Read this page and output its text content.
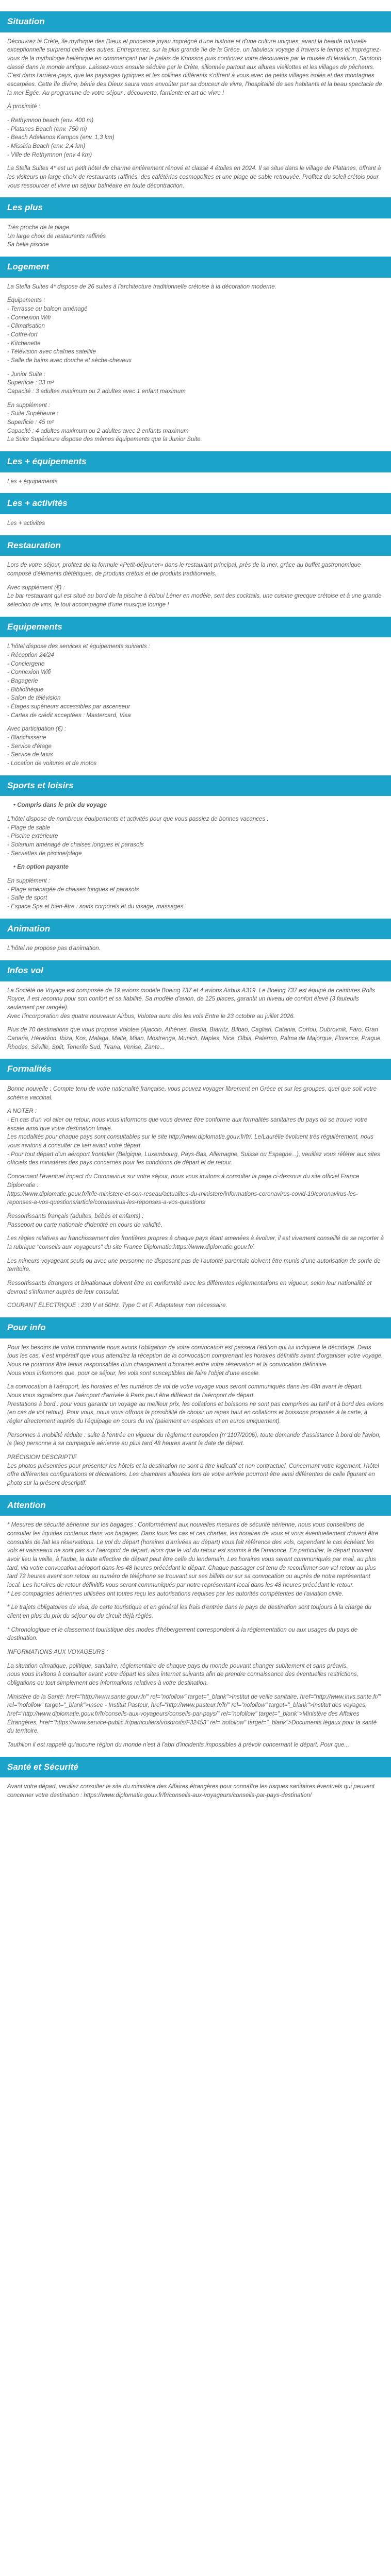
Situation

Découvrez la Crète, île mythique des Dieux et princesse joyau imprégné d'une histoire et d'une culture uniques, avant la beauté naturelle exceptionnelle surprend celle des autres. Entreprenez, sur la plus grande île de la Grèce, un fabuleux voyage à travers le temps et imprégnez-vous de la mythologie hellénique en commençant par le palais de Knossos puis continuez votre découverte par le musée d'Héraklion, Santorin classé dans le monde antique. Laissez-vous ensuite séduire par le Crète, sillonnée partout aux allures vieillottes et les villages de pêcheurs. C'est dans l'arrière-pays, que les paysages typiques et les collines différents s'offrent à vous avec de petits villages isolés et des montagnes escarpées. Cette île divine, bénie des Dieux saura vous envoûter par sa douceur de vivre, l'hospitalité de ses habitants et la beau spectacle de la mer Égée. Au programme de votre séjour : découverte, farniente et art de vivre !

À proximité :

- Rethymnon beach (env. 400 m)
- Platanes Beach (env. 750 m)
- Beach Adelianos Kampos (env. 1,3 km)
- Missiria Beach (env. 2,4 km)
- Ville de Rethymnon (env 4 km)

La Stella Suites 4* est un petit hôtel de charme entièrement rénové et classé 4 étoiles en 2024. Il se situe dans le village de Platanes, offrant à les visiteurs un large choix de restaurants raffinés, des cafétérias cosmopolites et une plage de sable retrouvée. Profitez du soleil crétois pour vous ressourcer et vivre un séjour balnéaire en toute décontraction.

Les plus

Très proche de la plage
Un large choix de restaurants raffinés
Sa belle piscine

Logement

La Stella Suites 4* dispose de 26 suites à l'architecture traditionnelle crétoise à la décoration moderne.

Équipements :
- Terrasse ou balcon aménagé
- Connexion Wifi
- Climatisation
- Coffre-fort
- Kitchenette
- Télévision avec chaînes satellite
- Salle de bains avec douche et sèche-cheveux

- Junior Suite :
Superficie : 33 m²
Capacité : 3 adultes maximum ou 2 adultes avec 1 enfant maximum

En supplément :
- Suite Supérieure :
Superficie : 45 m²
Capacité : 4 adultes maximum ou 2 adultes avec 2 enfants maximum
La Suite Supérieure dispose des mêmes équipements que la Junior Suite.

Les + équipements

Les + équipements

Les + activités

Les + activités

Restauration

Lors de votre séjour, profitez de la formule «Petit-déjeuner» dans le restaurant principal, près de la mer, grâce au buffet gastronomique composé d'éléments diététiques, de produits crétois et de produits traditionnels.

Avec supplément (€) :
Le bar restaurant qui est situé au bord de la piscine à ébloui Léner en modèle, sert des cocktails, une cuisine grecque crétoise et à une grande sélection de vins, le tout accompagné d'une musique lounge !

Equipements

L'hôtel dispose des services et équipements suivants :
- Réception 24/24
- Conciergerie
- Connexion Wifi
- Bagagerie
- Bibliothèque
- Salon de télévision
- Étages supérieurs accessibles par ascenseur
- Cartes de crédit acceptées : Mastercard, Visa

Avec participation (€) :
- Blanchisserie
- Service d'étage
- Service de taxis
- Location de voitures et de motos

Sports et loisirs

• Compris dans le prix du voyage

L'hôtel dispose de nombreux équipements et activités pour que vous passiez de bonnes vacances :
- Plage de sable
- Piscine extérieure
- Solarium aménagé de chaises longues et parasols
- Serviettes de piscine/plage

• En option payante

En supplément :
- Plage aménagée de chaises longues et parasols
- Salle de sport
- Espace Spa et bien-être : soins corporels et du visage, massages.

Animation

L'hôtel ne propose pas d'animation.

Infos vol

La Société de Voyage est composée de 19 avions modèle Boeing 737 et 4 avions Airbus A319. Le Boeing 737 est équipé de ceintures Rolls Royce, il est reconnu pour son confort et sa fiabilité. Sa modèle d'avion, de 125 places, garantit un niveau de confort élevé (3 fauteuils seulement par rangée).
Avec l'incorporation des quatre nouveaux Airbus, Volotea aura dès les vols Entre le 23 octobre au juillet 2026.

Plus de 70 destinations que vous propose Volotea (Ajaccio, Athènes, Bastia, Biarritz, Bilbao, Cagliari, Catania, Corfou, Dubrovnik, Faro, Gran Canaria, Héraklion, Ibiza, Kos, Malaga, Malte, Milan, Mostrenga, Munich, Naples, Nice, Olbia, Palermo, Palma de Majorque, Florence, Prague, Rhodes, Séville, Split, Tenerife Sud, Tirana, Venise, Zante...

Formalités

Bonne nouvelle : Compte tenu de votre nationalité française, vous pouvez voyager librement en Grèce et sur les groupes, quel que soit votre schéma vaccinal.

A NOTER :
- En cas d'un vol aller ou retour, nous vous informons que vous devrez être conforme aux formalités sanitaires du pays où se trouve votre escale ainsi que votre destination finale.
Les modalités pour chaque pays sont consultables sur le site http://www.diplomatie.gouv.fr/fr/. Le/Laurélie évoluent très régulièrement, nous vous invitons à consulter ce lien avant votre départ.
- Pour tout départ d'un aéroport frontalier (Belgique, Luxembourg, Pays-Bas, Allemagne, Suisse ou Espagne...), veuillez vous référer aux sites officiels des ministères des pays concernés pour les conditions de départ et de retour.

Concernant l'éventuel impact du Coronavirus sur votre séjour, nous vous invitons à consulter la page ci-dessous du site officiel France Diplomatie :
https://www.diplomatie.gouv.fr/fr/le-ministere-et-son-reseau/actualites-du-ministere/informations-coronavirus-covid-19/coronavirus-les-reponses-a-vos-questions/article/coronavirus-les-reponses-a-vos-questions

Ressortissants français (adultes, bébés et enfants) :
Passeport ou carte nationale d'identité en cours de validité.

Les règles relatives au franchissement des frontières propres à chaque pays étant amenées à évoluer, il est vivement conseillé de se reporter à la rubrique "conseils aux voyageurs" du site France Diplomatie:https://www.diplomatie.gouv.fr/.

Les mineurs voyageant seuls ou avec une personne ne disposant pas de l'autorité parentale doivent être munis d'une autorisation de sortie de territoire.

Ressortissants étrangers et binationaux doivent être en conformité avec les différentes réglementations en vigueur, selon leur nationalité et devront s'informer auprès de leur consulat.

COURANT ÉLECTRIQUE : 230 V et 50Hz. Type C et F. Adaptateur non nécessaire.

Pour info

Pour les besoins de votre commande nous avons l'obligation de votre convocation est passera l'édition qui lui indiquera le décodage. Dans tous les cas, il est impératif que vous attendiez la réception de la convocation comprenant les horaires définitifs avant d'organiser votre voyage.
Nous ne pourrons être tenus responsables d'un changement d'horaires entre votre réservation et la convocation définitive.
Nous vous informons que, pour ce séjour, les vols sont susceptibles de faire l'objet d'une escale.

La convocation à l'aéroport, les horaires et les numéros de vol de votre voyage vous seront communiqués dans les 48h avant le départ.
Nous vous signalons que l'aéroport d'arrivée à Paris peut être différent de l'aéroport de départ.
Prestations à bord : pour vous garantir un voyage au meilleur prix, les collations et boissons ne sont pas comprises au tarif et à bord des avions (en cas de vol retour). Pour vous, nous vous offrons la possibilité de choisir un repas haut en collations et boissons proposés à la carte, à régler directement auprès du l'équipage en cours du vol (paiement en espèces et en euros uniquement).

Personnes à mobilité réduite : suite à l'entrée en vigueur du règlement européen (n°1107/2006), toute demande d'assistance à bord de l'avion, la (les) personne à sa compagnie aérienne au plus tard 48 heures avant la date de départ.

PRÉCISION DESCRIPTIF
Les photos présentées pour présenter les hôtels et la destination ne sont à titre indicatif et non contractuel. Concernant votre logement, l'hôtel offre différentes configurations et décorations. Les chambres allouées lors de votre arrivée pourront être ainsi différentes de celle figurant en photo sur la présent descriptif.

Attention

* Mesures de sécurité aérienne sur les bagages : Conformément aux nouvelles mesures de sécurité aérienne, nous vous conseillons de consulter les liquides contenus dans vos bagages. Dans tous les cas et ces chartes, les horaires de vous et vous éventuellement doivent être consultés de fait les réservations. Le vol du départ (horaires d'arrivées au départ) vous fait référence des vols, cependant le cas échéant les vols et vaisseaux ne sont pas sur l'aéroport de départ, alors que le vol du retour est soumis à de l'annonce. En particulier, le départ pouvant avoir lieu la veille, à l'aube, la date effective de départ peut être celle du lendemain. Les horaires vous seront communiqués par mail, au plus tard, via votre convocation aéroport dans les 48 heures précédant le départ. Chaque passager est tenu de reconfirmer son vol retour au plus tard 72 heures avant son retour au numéro de téléphone se trouvant sur ses billets ou sur sa convocation ou auprès de notre représentant local. Les horaires de retour définitifs vous seront communiqués par notre représentant local dans les 48 heures précédant le retour.
* Les compagnies aériennes utilisées ont toutes reçu les autorisations requises par les autorités compétentes de l'aviation civile.

* Le trajets obligatoires de visa, de carte touristique et en général les frais d'entrée dans le pays de destination sont toujours à la charge du client en plus du prix du séjour ou du circuit déjà réglés.

* Chronologique et le classement touristique des modes d'hébergement correspondent à la réglementation ou aux usages du pays de destination.

INFORMATIONS AUX VOYAGEURS :

La situation climatique, politique, sanitaire, réglementaire de chaque pays du monde pouvant changer subitement et sans préavis.
nous vous invitons à consulter avant votre départ les sites internet suivants afin de prendre connaissance des éventuelles restrictions, obligations ou tout simplement des informations relatives à votre destination.

Ministère de la Santé: href="http://www.sante.gouv.fr/" rel="nofollow" target="_blank">Institut de veille sanitaire, href="http://www.invs.sante.fr/" rel="nofollow" target="_blank">Insee - Institut Pasteur, href="http://www.pasteur.fr/fr/" rel="nofollow" target="_blank">Institut des voyages, href="http://www.diplomatie.gouv.fr/fr/conseils-aux-voyageurs/conseils-par-pays/" rel="nofollow" target="_blank">Ministère des Affaires Étrangères, href="https://www.service-public.fr/particuliers/vosdroits/F32453" rel="nofollow" target="_blank">Documents légaux pour la santé du territoire.

Tauthlion il est rappelé qu'aucune région du monde n'est à l'abri d'incidents impossibles à prévoir concernant le départ. Pour que...

Santé et Sécurité

Avant votre départ, veuillez consulter le site du ministère des Affaires étrangères pour connaître les risques sanitaires éventuels qui peuvent concerner votre destination : https://www.diplomatie.gouv.fr/fr/conseils-aux-voyageurs/conseils-par-pays-destination/
